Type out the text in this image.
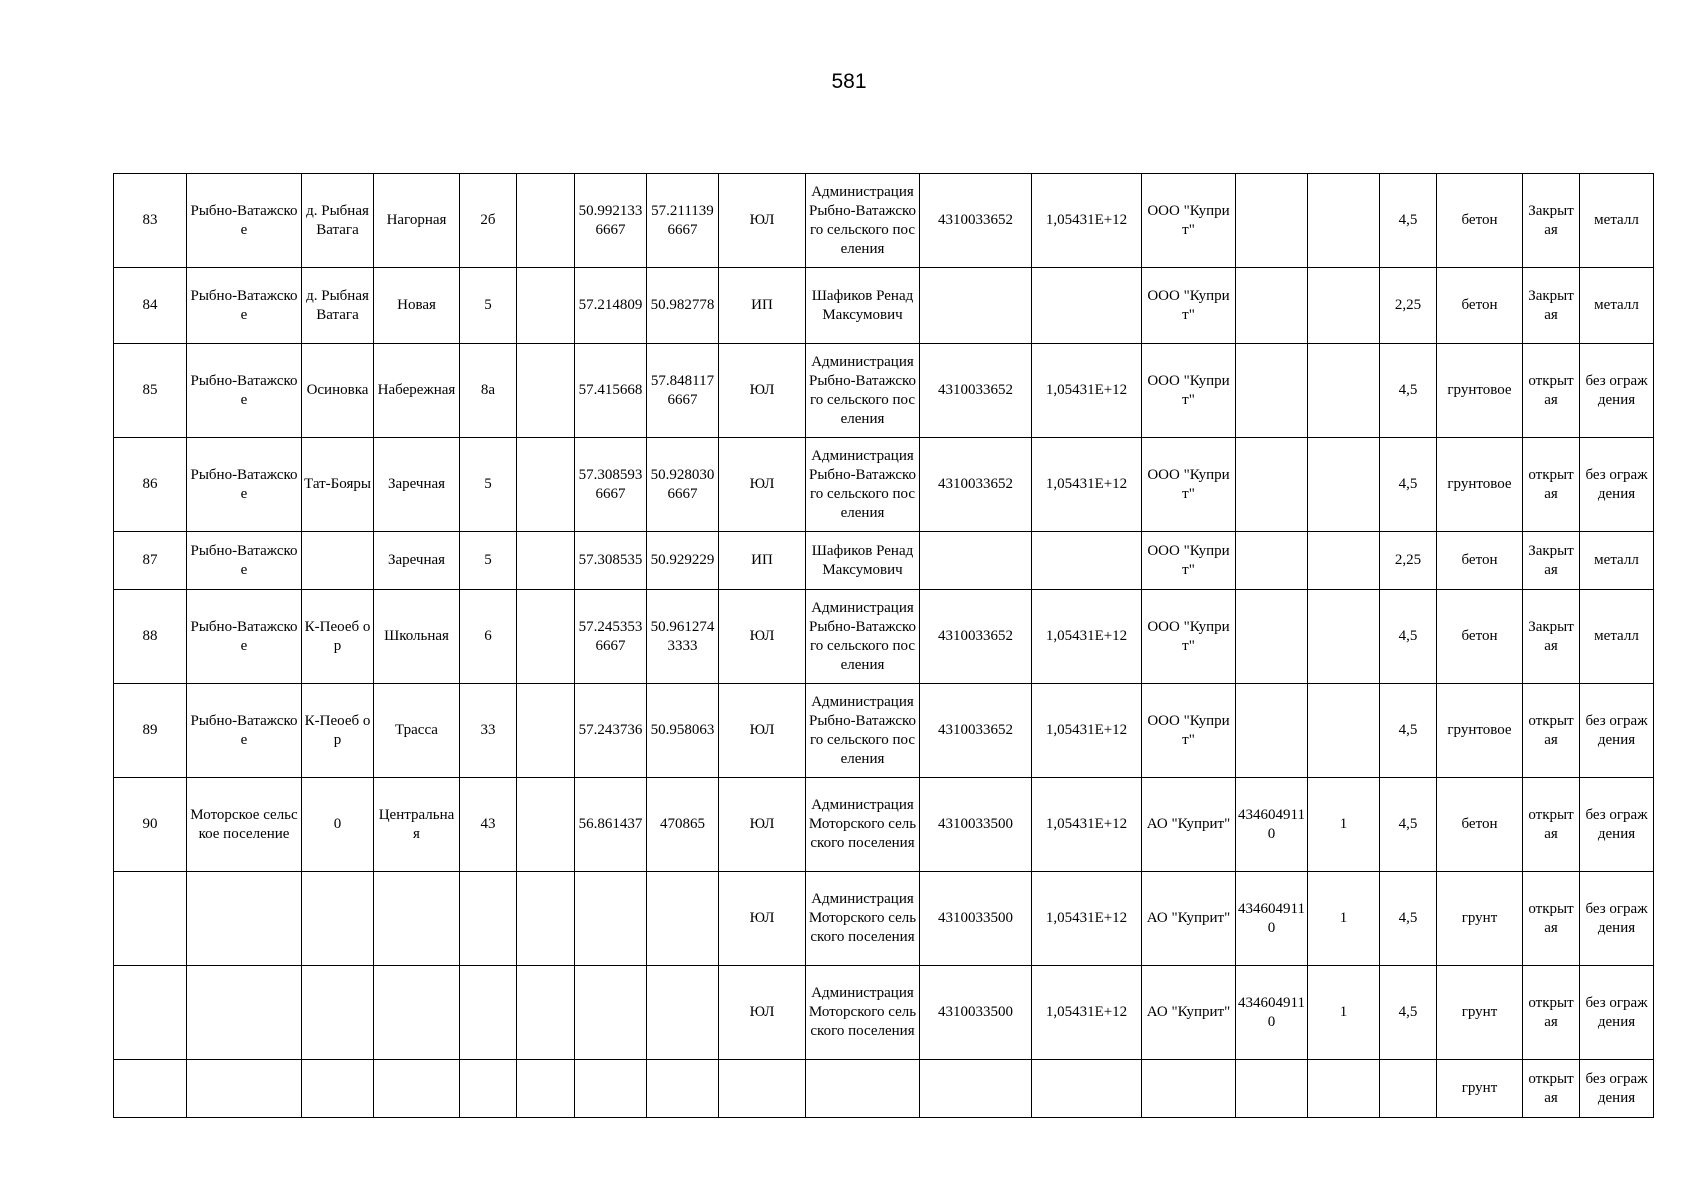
581
83	Рыбно-Ватажское	д. Рыбная Ватага	Нагорная	2б		50.9921336667	57.2111396667	ЮЛ	Администрация Рыбно-Ватажского сельского поселения	4310033652	1,05431E+12	ООО "Куприт"			4,5	бетон	Закрытая	металл
84	Рыбно-Ватажское	д. Рыбная Ватага	Новая	5		57.214809	50.982778	ИП	Шафиков Ренад Максумович			ООО "Куприт"			2,25	бетон	Закрытая	металл
85	Рыбно-Ватажское	Осиновка	Набережная	8а		57.415668	57.8481176667	ЮЛ	Администрация Рыбно-Ватажского сельского поселения	4310033652	1,05431E+12	ООО "Куприт"			4,5	грунтовое	открытая	без ограждения
86	Рыбно-Ватажское	Тат-Бояры	Заречная	5		57.3085936667	50.9280306667	ЮЛ	Администрация Рыбно-Ватажского сельского поселения	4310033652	1,05431E+12	ООО "Куприт"			4,5	грунтовое	открытая	без ограждения
87	Рыбно-Ватажское		Заречная	5		57.308535	50.929229	ИП	Шафиков Ренад Максумович			ООО "Куприт"			2,25	бетон	Закрытая	металл
88	Рыбно-Ватажское	К-Пеоеб ор	Школьная	6		57.2453536667	50.9612743333	ЮЛ	Администрация Рыбно-Ватажского сельского поселения	4310033652	1,05431E+12	ООО "Куприт"			4,5	бетон	Закрытая	металл
89	Рыбно-Ватажское	К-Пеоеб ор	Трасса	33		57.243736	50.958063	ЮЛ	Администрация Рыбно-Ватажского сельского поселения	4310033652	1,05431E+12	ООО "Куприт"			4,5	грунтовое	открытая	без ограждения
90	Моторское сельское поселение	0	Центральная	43		56.861437	470865	ЮЛ	Администрация Моторского сельского поселения	4310033500	1,05431E+12	АО "Куприт"	4346049110	1	4,5	бетон	открытая	без ограждения
								ЮЛ	Администрация Моторского сельского поселения	4310033500	1,05431E+12	АО "Куприт"	4346049110	1	4,5	грунт	открытая	без ограждения
								ЮЛ	Администрация Моторского сельского поселения	4310033500	1,05431E+12	АО "Куприт"	4346049110	1	4,5	грунт	открытая	без ограждения
																грунт	открытая	без ограждения
